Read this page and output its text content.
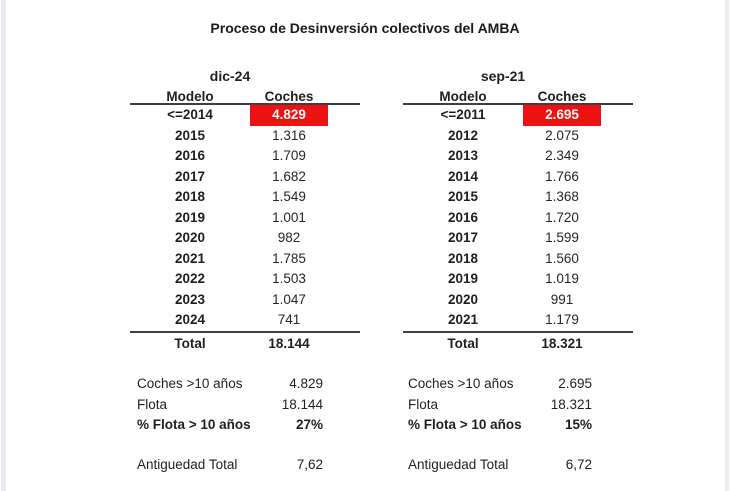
Proceso de Desinversión colectivos del AMBA
dic-24
Modelo	Coches
<=2014	4.829
2015	1.316
2016	1.709
2017	1.682
2018	1.549
2019	1.001
2020	982
2021	1.785
2022	1.503
2023	1.047
2024	741
Total	18.144
sep-21
Modelo	Coches
<=2011	2.695
2012	2.075
2013	2.349
2014	1.766
2015	1.368
2016	1.720
2017	1.599
2018	1.560
2019	1.019
2020	991
2021	1.179
Total	18.321
Coches >10 años	4.829
Flota	18.144
% Flota > 10 años	27%
Antiguedad Total	7,62
Coches >10 años	2.695
Flota	18.321
% Flota > 10 años	15%
Antiguedad Total	6,72
